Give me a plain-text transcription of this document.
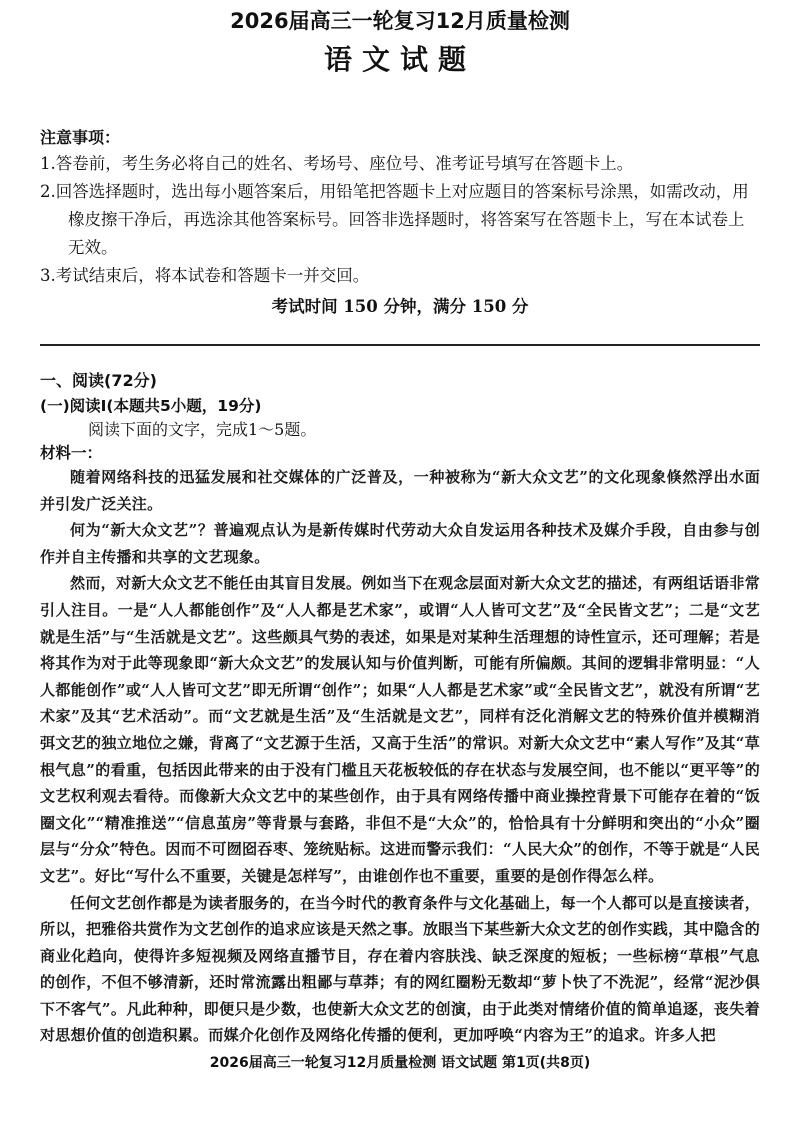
2026届高三一轮复习12月质量检测
语文试题
注意事项：

1.答卷前，考生务必将自己的姓名、考场号、座位号、准考证号填写在答题卡上。

2.回答选择题时，选出每小题答案后，用铅笔把答题卡上对应题目的答案标号涂黑，如需改动，用橡皮擦干净后，再选涂其他答案标号。回答非选择题时，将答案写在答题卡上，写在本试卷上无效。

3.考试结束后，将本试卷和答题卡一并交回。

考试时间 150 分钟，满分 150 分
一、阅读(72分)
(一)阅读Ⅰ(本题共5小题，19分)
阅读下面的文字，完成1～5题。
材料一：

随着网络科技的迅猛发展和社交媒体的广泛普及，一种被称为“新大众文艺”的文化现象倏然浮出水面并引发广泛关注。

何为“新大众文艺”？普遍观点认为是新传媒时代劳动大众自发运用各种技术及媒介手段，自由参与创作并自主传播和共享的文艺现象。

然而，对新大众文艺不能任由其盲目发展。例如当下在观念层面对新大众文艺的描述，有两组话语非常引人注目。一是“人人都能创作”及“人人都是艺术家”，或谓“人人皆可文艺”及“全民皆文艺”；二是“文艺就是生活”与“生活就是文艺”。这些颇具气势的表述，如果是对某种生活理想的诗性宣示，还可理解；若是将其作为对于此等现象即“新大众文艺”的发展认知与价值判断，可能有所偏颇。其间的逻辑非常明显：“人人都能创作”或“人人皆可文艺”即无所谓“创作”；如果“人人都是艺术家”或“全民皆文艺”，就没有所谓“艺术家”及其“艺术活动”。而“文艺就是生活”及“生活就是文艺”，同样有泛化消解文艺的特殊价值并模糊消弭文艺的独立地位之嫌，背离了“文艺源于生活，又高于生活”的常识。对新大众文艺中“素人写作”及其“草根气息”的看重，包括因此带来的由于没有门槛且天花板较低的存在状态与发展空间，也不能以“更平等”的文艺权利观去看待。而像新大众文艺中的某些创作，由于具有网络传播中商业操控背景下可能存在着的“饭圈文化”“精准推送”“信息茧房”等背景与套路，非但不是“大众”的，恰恰具有十分鲜明和突出的“小众”圈层与“分众”特色。因而不可囫囵吞枣、笼统贴标。这进而警示我们：“人民大众”的创作，不等于就是“人民文艺”。好比“写什么不重要，关键是怎样写”，由谁创作也不重要，重要的是创作得怎么样。

任何文艺创作都是为读者服务的，在当今时代的教育条件与文化基础上，每一个人都可以是直接读者，所以，把雅俗共赏作为文艺创作的追求应该是天然之事。放眼当下某些新大众文艺的创作实践，其中隐含的商业化趋向，使得许多短视频及网络直播节目，存在着内容肤浅、缺乏深度的短板；一些标榜“草根”气息的创作，不但不够清新，还时常流露出粗鄙与草莽；有的网红圈粉无数却“萝卜快了不洗泥”，经常“泥沙俱下不客气”。凡此种种，即便只是少数，也使新大众文艺的创演，由于此类对情绪价值的简单追逐，丧失着对思想价值的创造积累。而媒介化创作及网络化传播的便利，更加呼唤“内容为王”的追求。许多人把

2026届高三一轮复习12月质量检测 语文试题 第1页(共8页)
